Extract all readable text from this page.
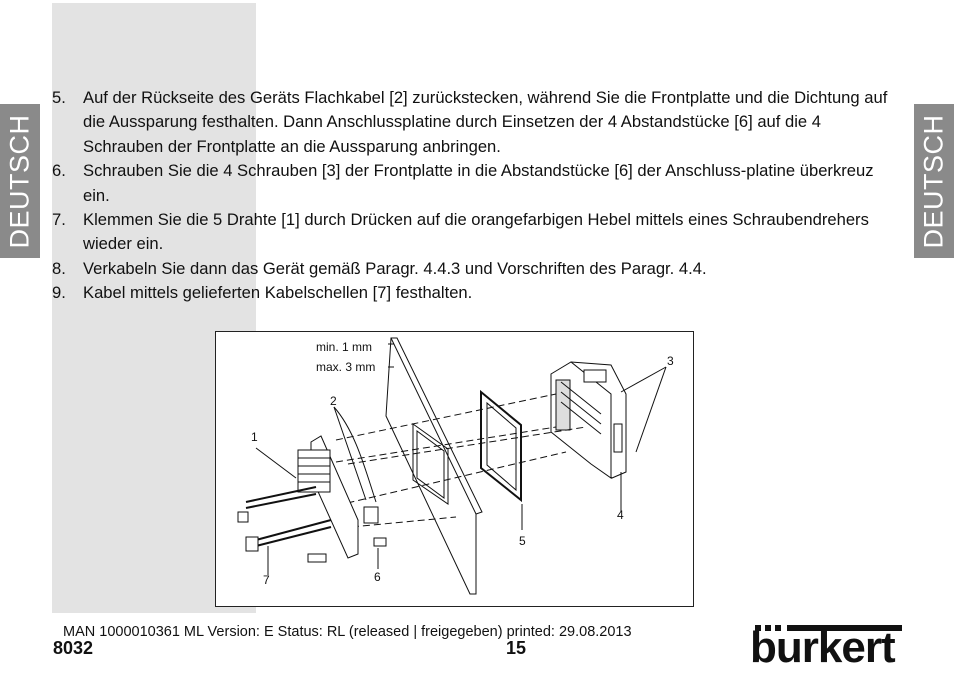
DEUTSCH	DEUTSCH
5.	Auf der Rückseite des Geräts Flachkabel [2] zurückstecken, während Sie die Frontplatte und die Dichtung auf die Aussparung festhalten. Dann Anschlussplatine durch Einsetzen der 4 Abstandstücke [6] auf die 4 Schrauben der Frontplatte an die Aussparung anbringen.
6.	Schrauben Sie die 4 Schrauben [3] der Frontplatte in die Abstandstücke [6] der Anschluss-platine überkreuz ein.
7.	Klemmen Sie die 5 Drahte [1] durch Drücken auf die orangefarbigen Hebel mittels eines Schraubendrehers wieder ein.
8.	Verkabeln Sie dann das Gerät gemäß Paragr. 4.4.3 und Vorschriften des Paragr. 4.4.
9.	Kabel mittels gelieferten Kabelschellen [7] festhalten.
min. 1 mm
max. 3 mm
1
2
3
4
5
6
7
MAN 1000010361 ML Version: E Status: RL (released | freigegeben) printed: 29.08.2013
8032	15	burkert
